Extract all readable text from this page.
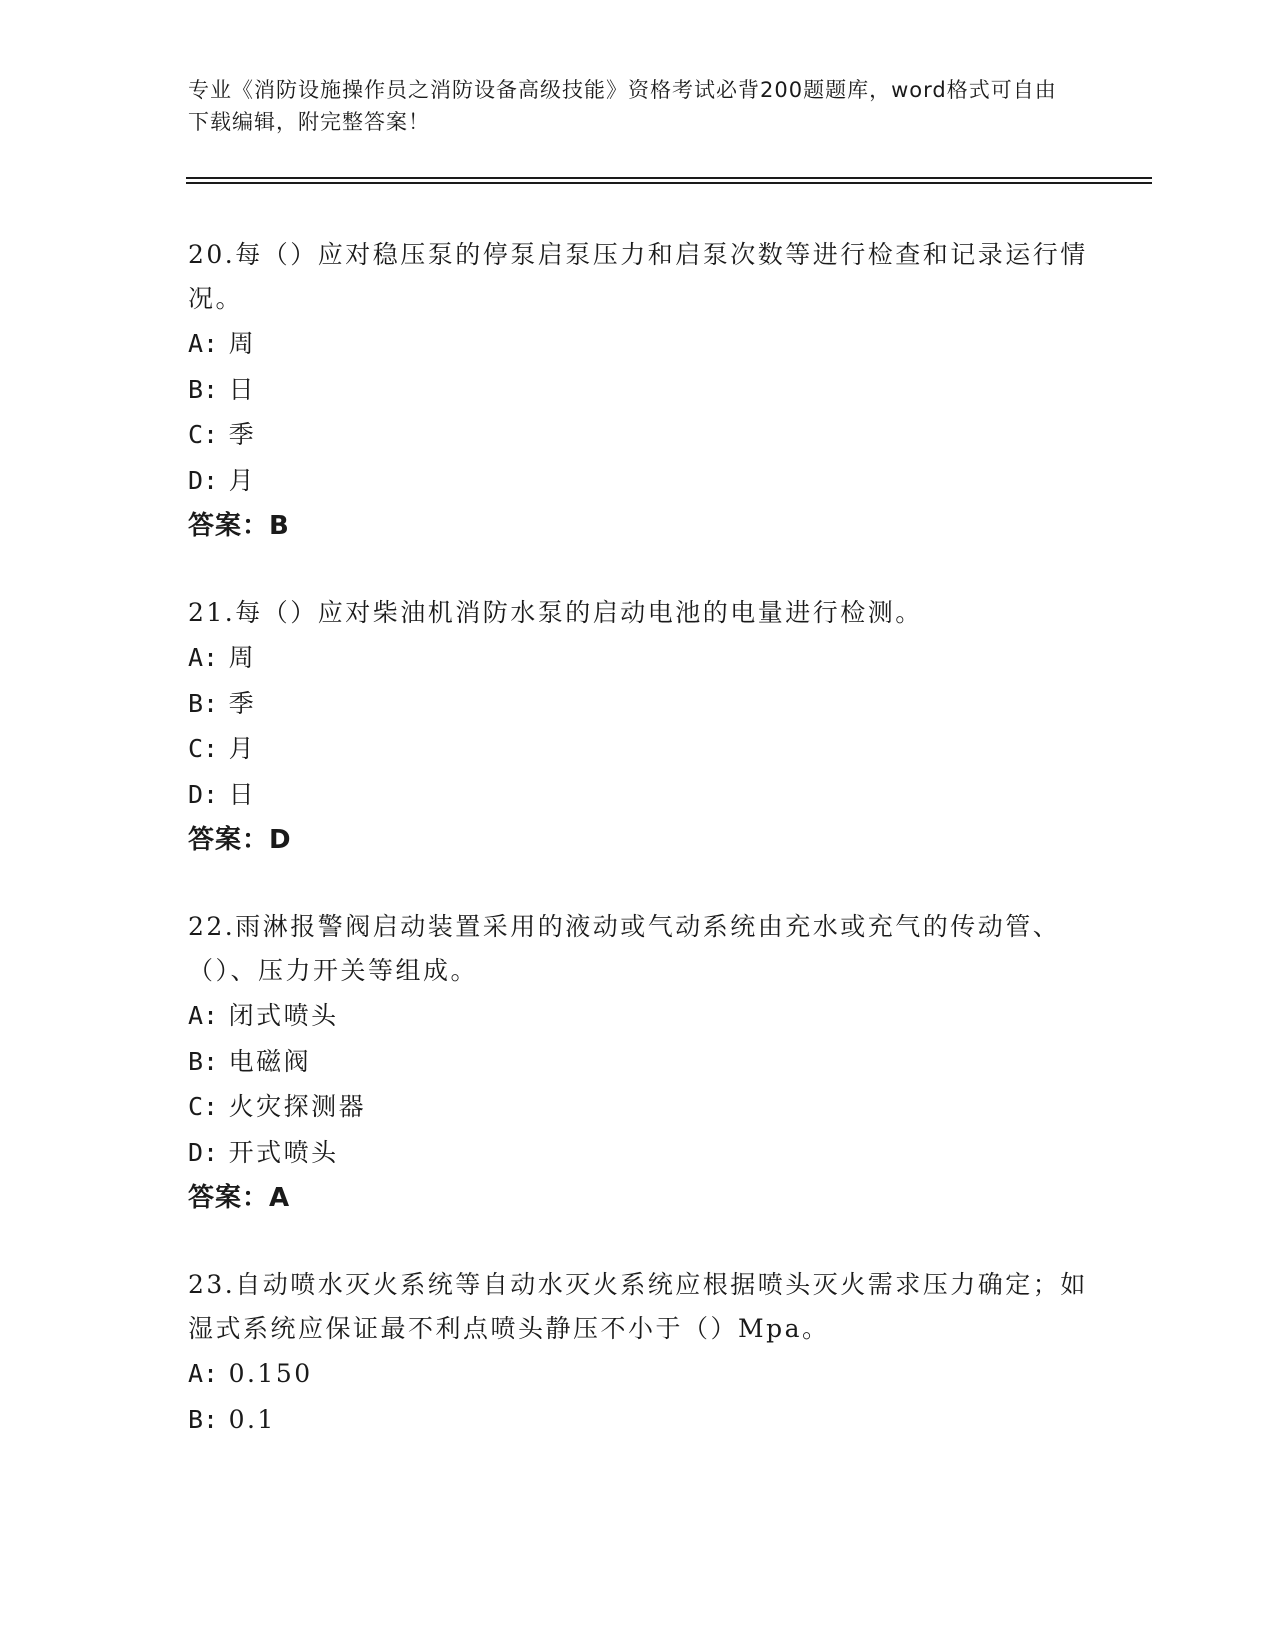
专业《消防设施操作员之消防设备高级技能》资格考试必背200题题库，word格式可自由下载编辑，附完整答案！

20.每（）应对稳压泵的停泵启泵压力和启泵次数等进行检查和记录运行情况。

A: 周

B: 日

C: 季

D: 月

答案：B

21.每（）应对柴油机消防水泵的启动电池的电量进行检测。

A: 周

B: 季

C: 月

D: 日

答案：D

22.雨淋报警阀启动装置采用的液动或气动系统由充水或充气的传动管、（）、压力开关等组成。

A: 闭式喷头

B: 电磁阀

C: 火灾探测器

D: 开式喷头

答案：A

23.自动喷水灭火系统等自动水灭火系统应根据喷头灭火需求压力确定；如湿式系统应保证最不利点喷头静压不小于（）Mpa。

A: 0.150

B: 0.1
